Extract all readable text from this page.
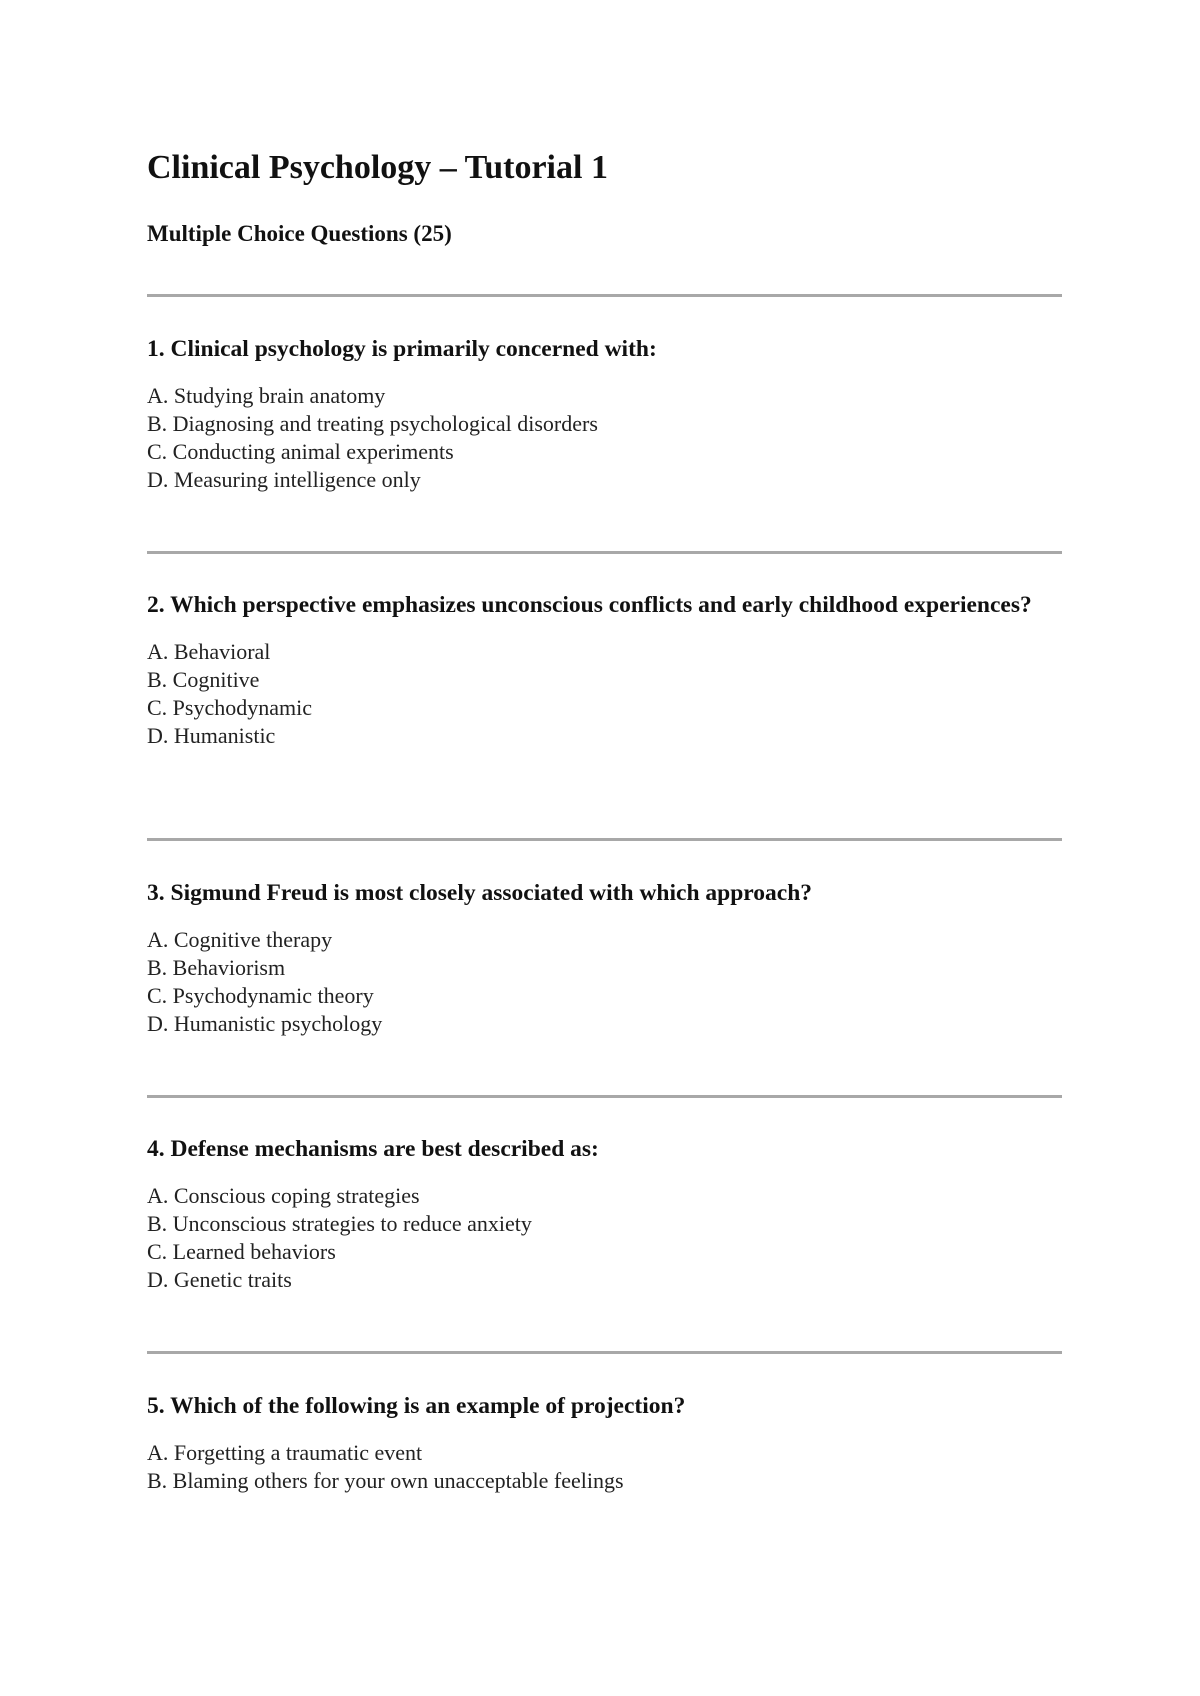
Clinical Psychology – Tutorial 1
Multiple Choice Questions (25)

1. Clinical psychology is primarily concerned with:

A. Studying brain anatomy
B. Diagnosing and treating psychological disorders
C. Conducting animal experiments
D. Measuring intelligence only

2. Which perspective emphasizes unconscious conflicts and early childhood experiences?

A. Behavioral
B. Cognitive
C. Psychodynamic
D. Humanistic

3. Sigmund Freud is most closely associated with which approach?

A. Cognitive therapy
B. Behaviorism
C. Psychodynamic theory
D. Humanistic psychology

4. Defense mechanisms are best described as:

A. Conscious coping strategies
B. Unconscious strategies to reduce anxiety
C. Learned behaviors
D. Genetic traits

5. Which of the following is an example of projection?

A. Forgetting a traumatic event
B. Blaming others for your own unacceptable feelings
